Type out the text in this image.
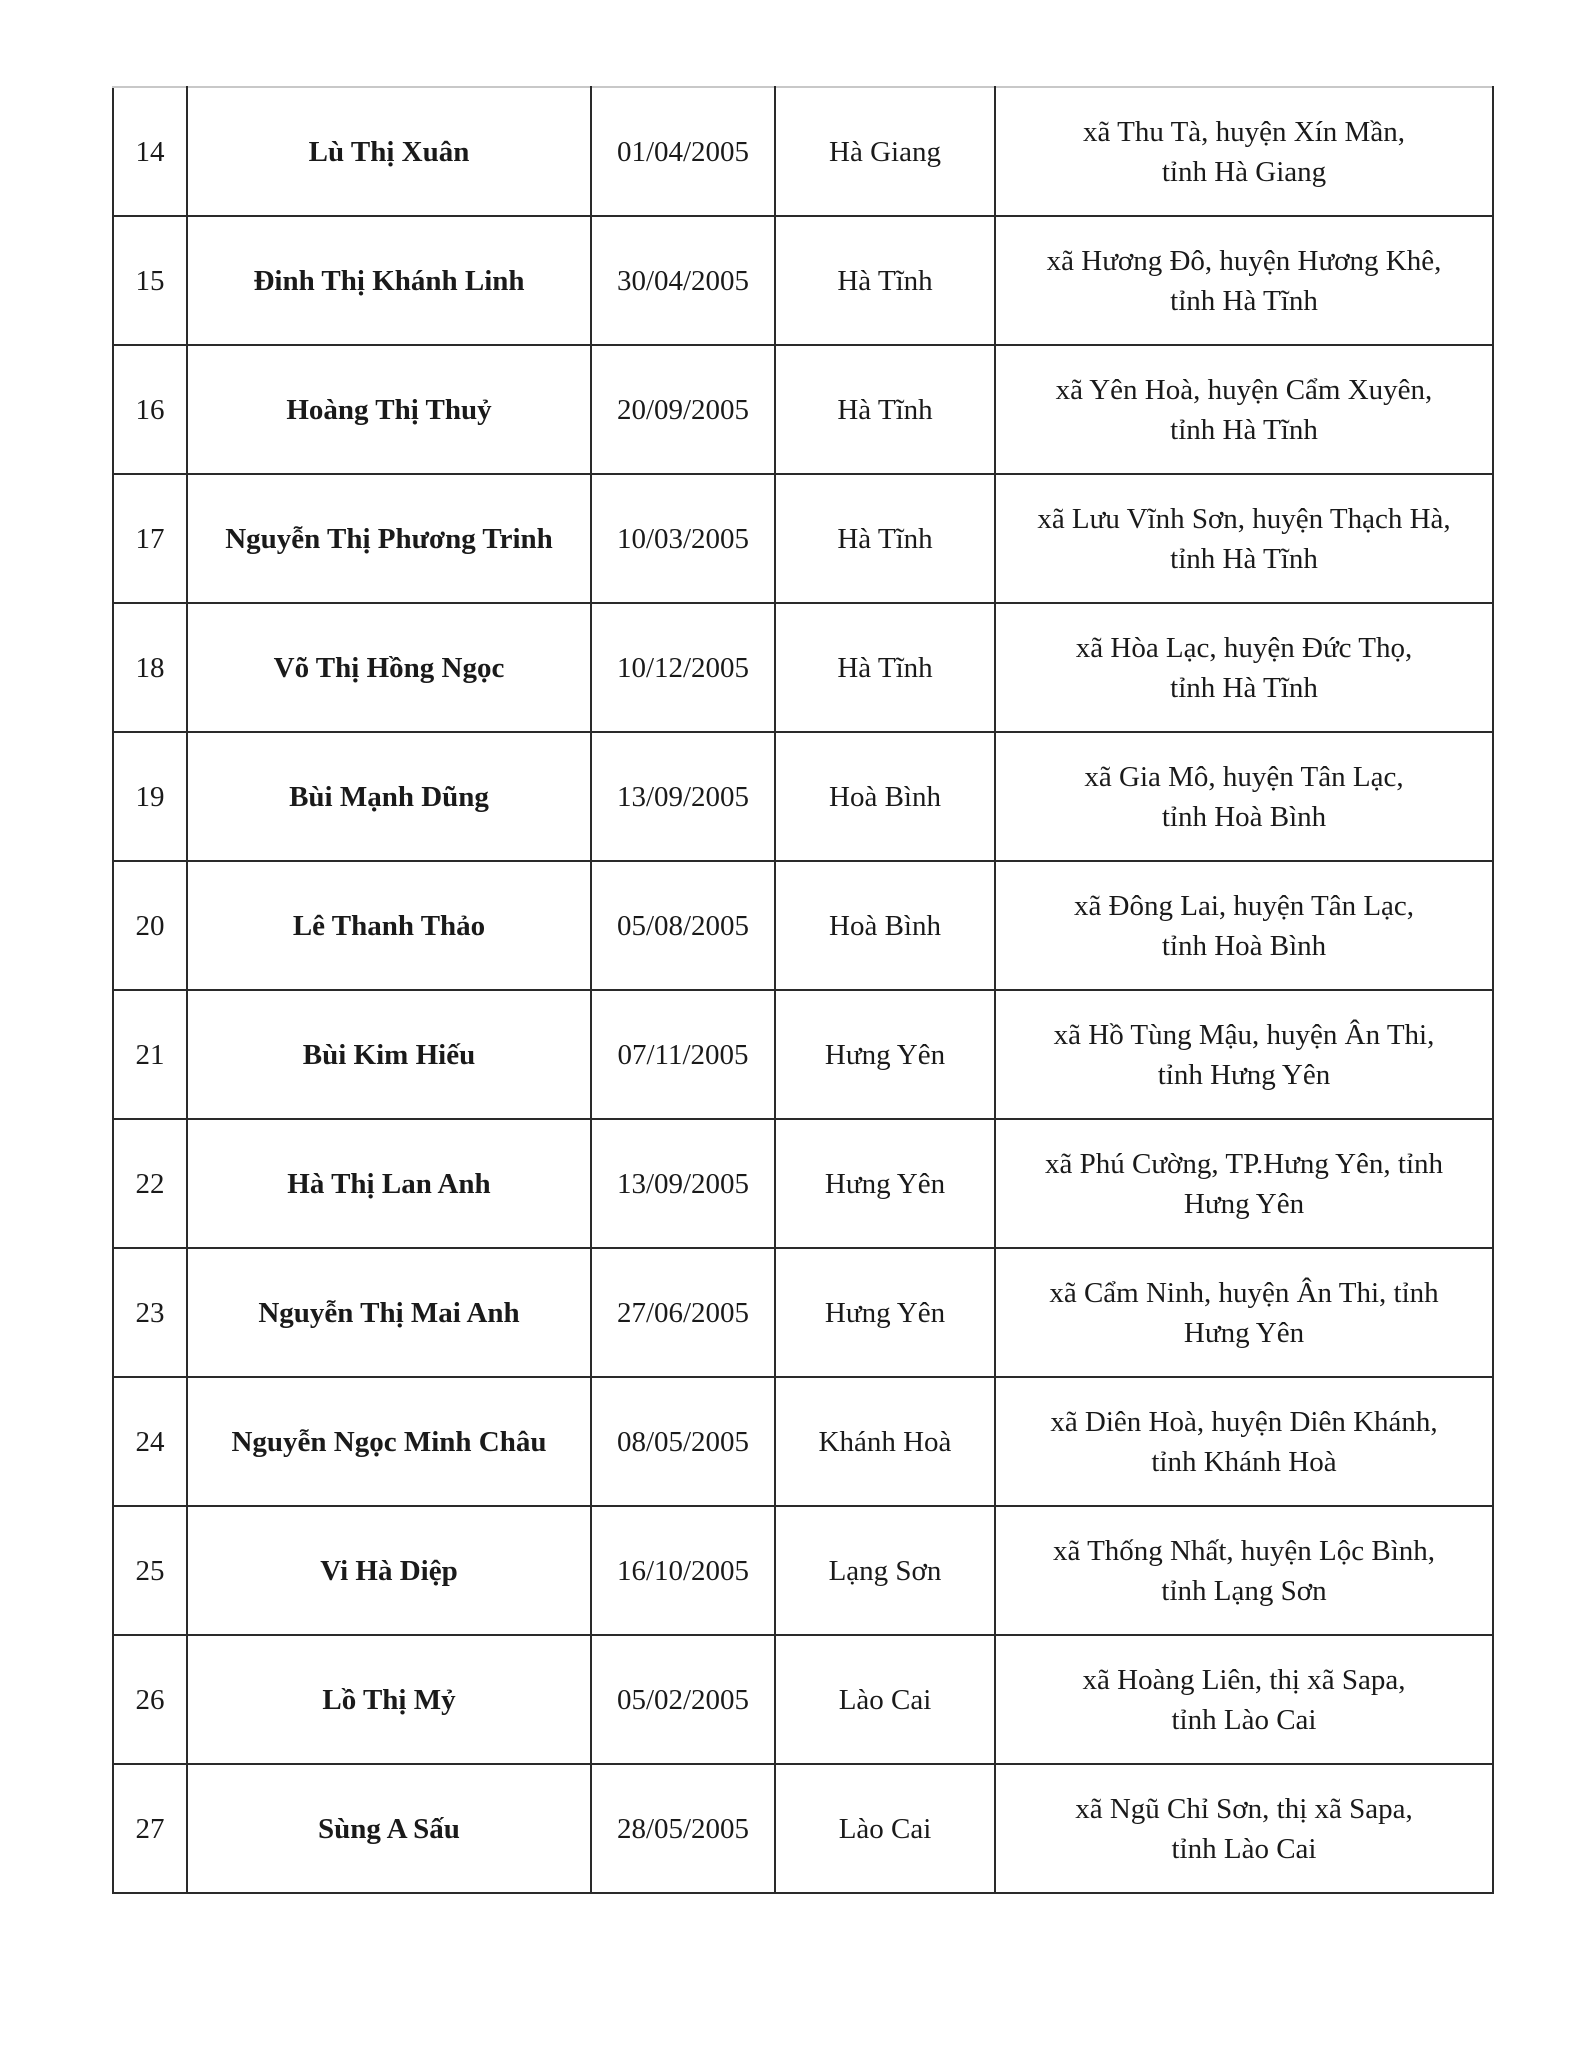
14	Lù Thị Xuân	01/04/2005	Hà Giang	xã Thu Tà, huyện Xín Mần,
tỉnh Hà Giang

15	Đinh Thị Khánh Linh	30/04/2005	Hà Tĩnh	xã Hương Đô, huyện Hương Khê,
tỉnh Hà Tĩnh

16	Hoàng Thị Thuỷ	20/09/2005	Hà Tĩnh	xã Yên Hoà, huyện Cẩm Xuyên,
tỉnh Hà Tĩnh

17	Nguyễn Thị Phương Trinh	10/03/2005	Hà Tĩnh	xã Lưu Vĩnh Sơn, huyện Thạch Hà,
tỉnh Hà Tĩnh

18	Võ Thị Hồng Ngọc	10/12/2005	Hà Tĩnh	xã Hòa Lạc, huyện Đức Thọ,
tỉnh Hà Tĩnh

19	Bùi Mạnh Dũng	13/09/2005	Hoà Bình	xã Gia Mô, huyện Tân Lạc,
tỉnh Hoà Bình

20	Lê Thanh Thảo	05/08/2005	Hoà Bình	xã Đông Lai, huyện Tân Lạc,
tỉnh Hoà Bình

21	Bùi Kim Hiếu	07/11/2005	Hưng Yên	xã Hồ Tùng Mậu, huyện Ân Thi,
tỉnh Hưng Yên

22	Hà Thị Lan Anh	13/09/2005	Hưng Yên	xã Phú Cường, TP.Hưng Yên, tỉnh
Hưng Yên

23	Nguyễn Thị Mai Anh	27/06/2005	Hưng Yên	xã Cẩm Ninh, huyện Ân Thi, tỉnh
Hưng Yên

24	Nguyễn Ngọc Minh Châu	08/05/2005	Khánh Hoà	xã Diên Hoà, huyện Diên Khánh,
tỉnh Khánh Hoà

25	Vi Hà Diệp	16/10/2005	Lạng Sơn	xã Thống Nhất, huyện Lộc Bình,
tỉnh Lạng Sơn

26	Lồ Thị Mỷ	05/02/2005	Lào Cai	xã Hoàng Liên, thị xã Sapa,
tỉnh Lào Cai

27	Sùng A Sấu	28/05/2005	Lào Cai	xã Ngũ Chỉ Sơn, thị xã Sapa,
tỉnh Lào Cai
